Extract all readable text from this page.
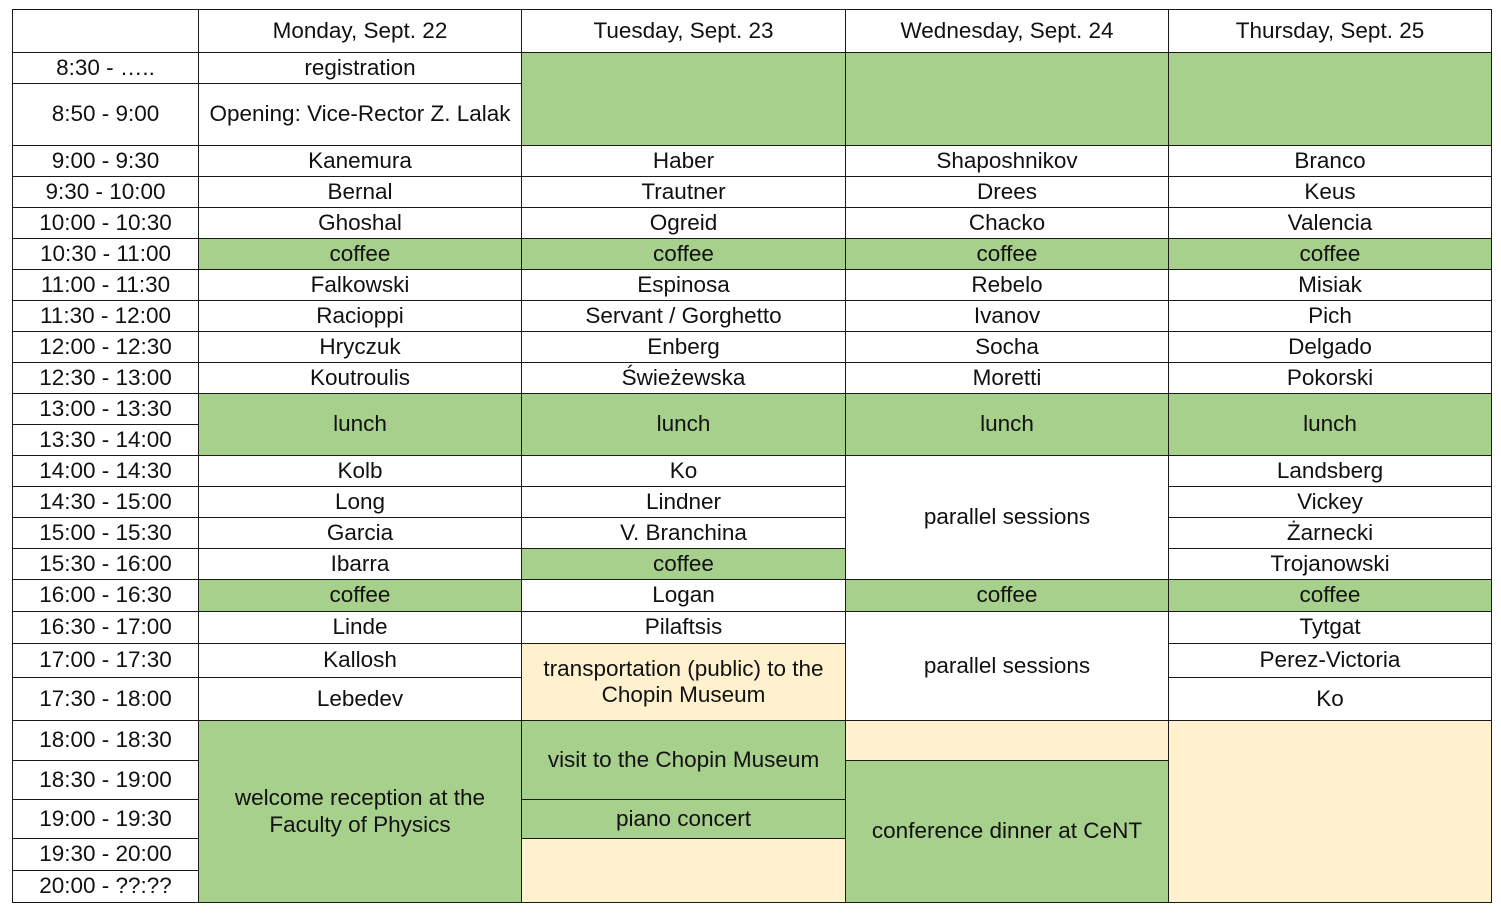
	Monday, Sept. 22	Tuesday, Sept. 23	Wednesday, Sept. 24	Thursday, Sept. 25
8:30 - …..	registration			
8:50 - 9:00	Opening: Vice-Rector Z. Lalak			
9:00 - 9:30	Kanemura	Haber	Shaposhnikov	Branco
9:30 - 10:00	Bernal	Trautner	Drees	Keus
10:00 - 10:30	Ghoshal	Ogreid	Chacko	Valencia
10:30 - 11:00	coffee	coffee	coffee	coffee
11:00 - 11:30	Falkowski	Espinosa	Rebelo	Misiak
11:30 - 12:00	Racioppi	Servant / Gorghetto	Ivanov	Pich
12:00 - 12:30	Hryczuk	Enberg	Socha	Delgado
12:30 - 13:00	Koutroulis	Świeżewska	Moretti	Pokorski
13:00 - 13:30	lunch	lunch	lunch	lunch
13:30 - 14:00				
14:00 - 14:30	Kolb	Ko	parallel sessions	Landsberg
14:30 - 15:00	Long	Lindner		Vickey
15:00 - 15:30	Garcia	V. Branchina		Żarnecki
15:30 - 16:00	Ibarra	coffee		Trojanowski
16:00 - 16:30	coffee	Logan	coffee	coffee
16:30 - 17:00	Linde	Pilaftsis	parallel sessions	Tytgat
17:00 - 17:30	Kallosh	transportation (public) to the Chopin Museum		Perez-Victoria
17:30 - 18:00	Lebedev			Ko
18:00 - 18:30	welcome reception at the Faculty of Physics	visit to the Chopin Museum		
18:30 - 19:00			conference dinner at CeNT	
19:00 - 19:30		piano concert		
19:30 - 20:00				
20:00 - ??:??				
